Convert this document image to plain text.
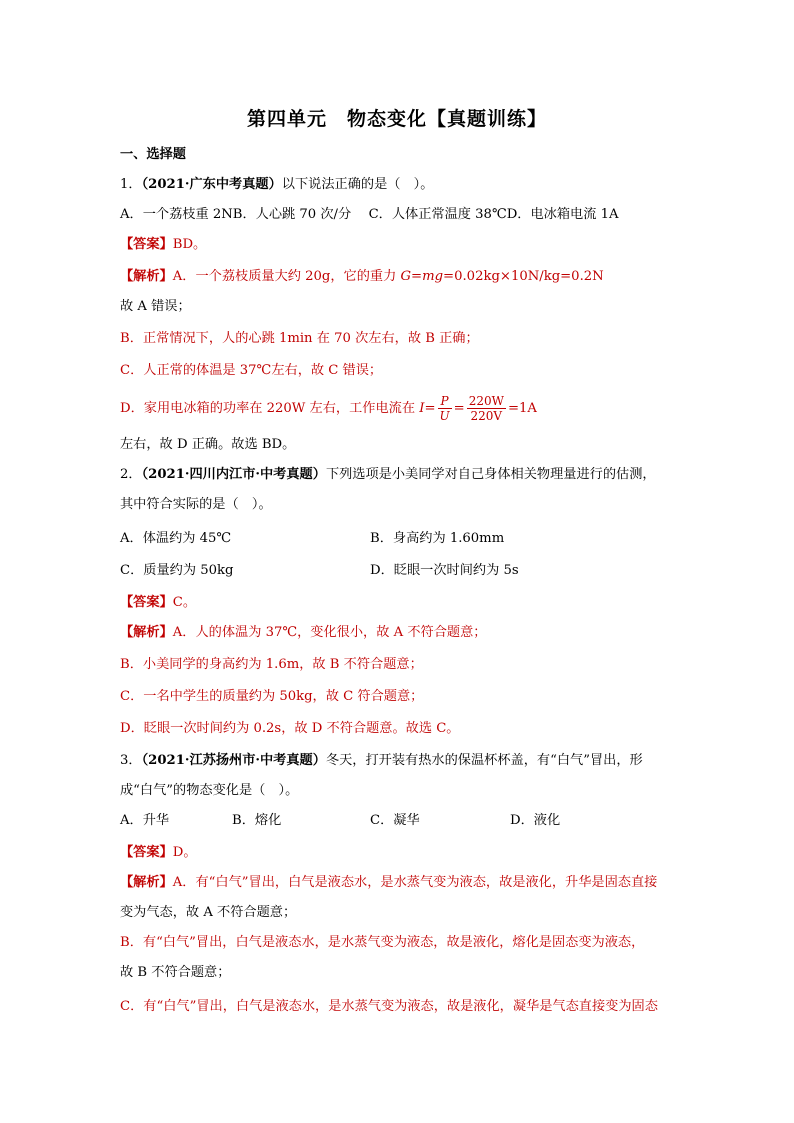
第四单元　物态变化【真题训练】
一、选择题
1．（2021·广东中考真题）以下说法正确的是（　）。
A．一个荔枝重 2NB．人心跳 70 次/分　 C．人体正常温度 38℃D．电冰箱电流 1A
【答案】BD。
【解析】A．一个荔枝质量大约 20g，它的重力 G=mg=0.02kg×10N/kg=0.2N
故 A 错误；
B．正常情况下，人的心跳 1min 在 70 次左右，故 B 正确；
C．人正常的体温是 37℃左右，故 C 错误；
D．家用电冰箱的功率在 220W 左右，工作电流在 $I= \frac{P}{U} = \frac{220W}{220V} =1A$
左右，故 D 正确。故选 BD。
2．（2021·四川内江市·中考真题）下列选项是小美同学对自己身体相关物理量进行的估测，
其中符合实际的是（　）。
A．体温约为 45℃	B．身高约为 1.60mm
C．质量约为 50kg	D．眨眼一次时间约为 5s
【答案】C。
【解析】A．人的体温为 37℃，变化很小，故 A 不符合题意；
B．小美同学的身高约为 1.6m，故 B 不符合题意；
C．一名中学生的质量约为 50kg，故 C 符合题意；
D．眨眼一次时间约为 0.2s，故 D 不符合题意。故选 C。
3．（2021·江苏扬州市·中考真题）冬天，打开装有热水的保温杯杯盖，有“白气”冒出，形
成“白气”的物态变化是（　）。
A．升华	B．熔化	C．凝华	D．液化
【答案】D。
【解析】A．有“白气”冒出，白气是液态水，是水蒸气变为液态，故是液化，升华是固态直接
变为气态，故 A 不符合题意；
B．有“白气”冒出，白气是液态水，是水蒸气变为液态，故是液化，熔化是固态变为液态，
故 B 不符合题意；
C．有“白气”冒出，白气是液态水，是水蒸气变为液态，故是液化，凝华是气态直接变为固态
